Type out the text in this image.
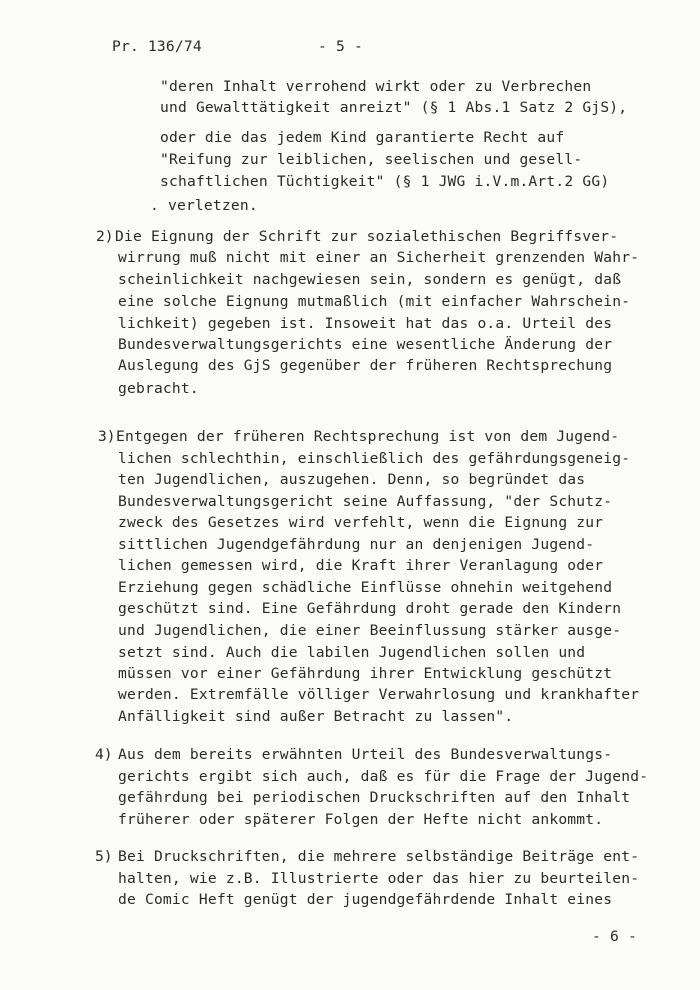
Pr. 136/74	- 5 -
"deren Inhalt verrohend wirkt oder zu Verbrechen
und Gewalttätigkeit anreizt" (§ 1 Abs.1 Satz 2 GjS),
oder die das jedem Kind garantierte Recht auf
"Reifung zur leiblichen, seelischen und gesell-
schaftlichen Tüchtigkeit" (§ 1 JWG i.V.m.Art.2 GG)
. verletzen.
2) Die Eignung der Schrift zur sozialethischen Begriffsver-
wirrung muß nicht mit einer an Sicherheit grenzenden Wahr-
scheinlichkeit nachgewiesen sein, sondern es genügt, daß
eine solche Eignung mutmaßlich (mit einfacher Wahrschein-
lichkeit) gegeben ist. Insoweit hat das o.a. Urteil des
Bundesverwaltungsgerichts eine wesentliche Änderung der
Auslegung des GjS gegenüber der früheren Rechtsprechung
gebracht.
3) Entgegen der früheren Rechtsprechung ist von dem Jugend-
lichen schlechthin, einschließlich des gefährdungsgeneig-
ten Jugendlichen, auszugehen. Denn, so begründet das
Bundesverwaltungsgericht seine Auffassung, "der Schutz-
zweck des Gesetzes wird verfehlt, wenn die Eignung zur
sittlichen Jugendgefährdung nur an denjenigen Jugend-
lichen gemessen wird, die Kraft ihrer Veranlagung oder
Erziehung gegen schädliche Einflüsse ohnehin weitgehend
geschützt sind. Eine Gefährdung droht gerade den Kindern
und Jugendlichen, die einer Beeinflussung stärker ausge-
setzt sind. Auch die labilen Jugendlichen sollen und
müssen vor einer Gefährdung ihrer Entwicklung geschützt
werden. Extremfälle völliger Verwahrlosung und krankhafter
Anfälligkeit sind außer Betracht zu lassen".
4) Aus dem bereits erwähnten Urteil des Bundesverwaltungs-
gerichts ergibt sich auch, daß es für die Frage der Jugend-
gefährdung bei periodischen Druckschriften auf den Inhalt
früherer oder späterer Folgen der Hefte nicht ankommt.
5) Bei Druckschriften, die mehrere selbständige Beiträge ent-
halten, wie z.B. Illustrierte oder das hier zu beurteilen-
de Comic Heft genügt der jugendgefährdende Inhalt eines
- 6 -
